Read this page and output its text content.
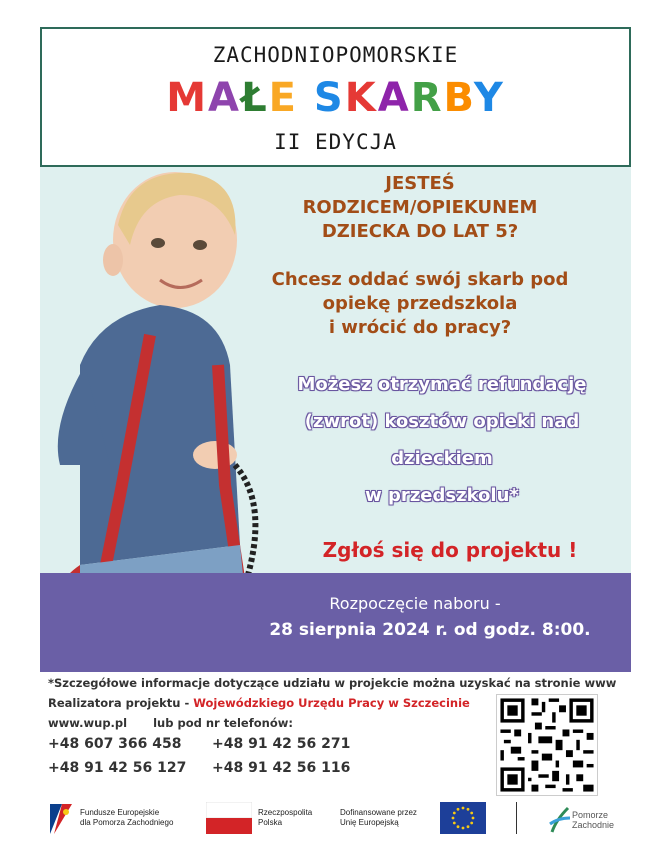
ZACHODNIOPOMORSKIE
MAŁE SKARBY
II EDYCJA
JESTEŚ
RODZICEM/OPIEKUNEM
DZIECKA DO LAT 5?
Chcesz oddać swój skarb pod
opiekę przedszkola
i wrócić do pracy?
Możesz otrzymać refundację
(zwrot) kosztów opieki nad
dzieckiem
w przedszkolu*
Zgłoś się do projektu !
Rozpoczęcie naboru -
28 sierpnia 2024 r. od godz. 8:00.
*Szczegółowe informacje dotyczące udziału w projekcie można uzyskać na stronie www
Realizatora projektu - Wojewódzkiego Urzędu Pracy w Szczecinie
www.wup.pl lub pod nr telefonów:
+48 607 366 458 +48 91 42 56 271
+48 91 42 56 127 +48 91 42 56 116
Fundusze Europejskie
dla Pomorza Zachodniego
Rzeczpospolita
Polska
Dofinansowane przez
Unię Europejską
Pomorze
Zachodnie
